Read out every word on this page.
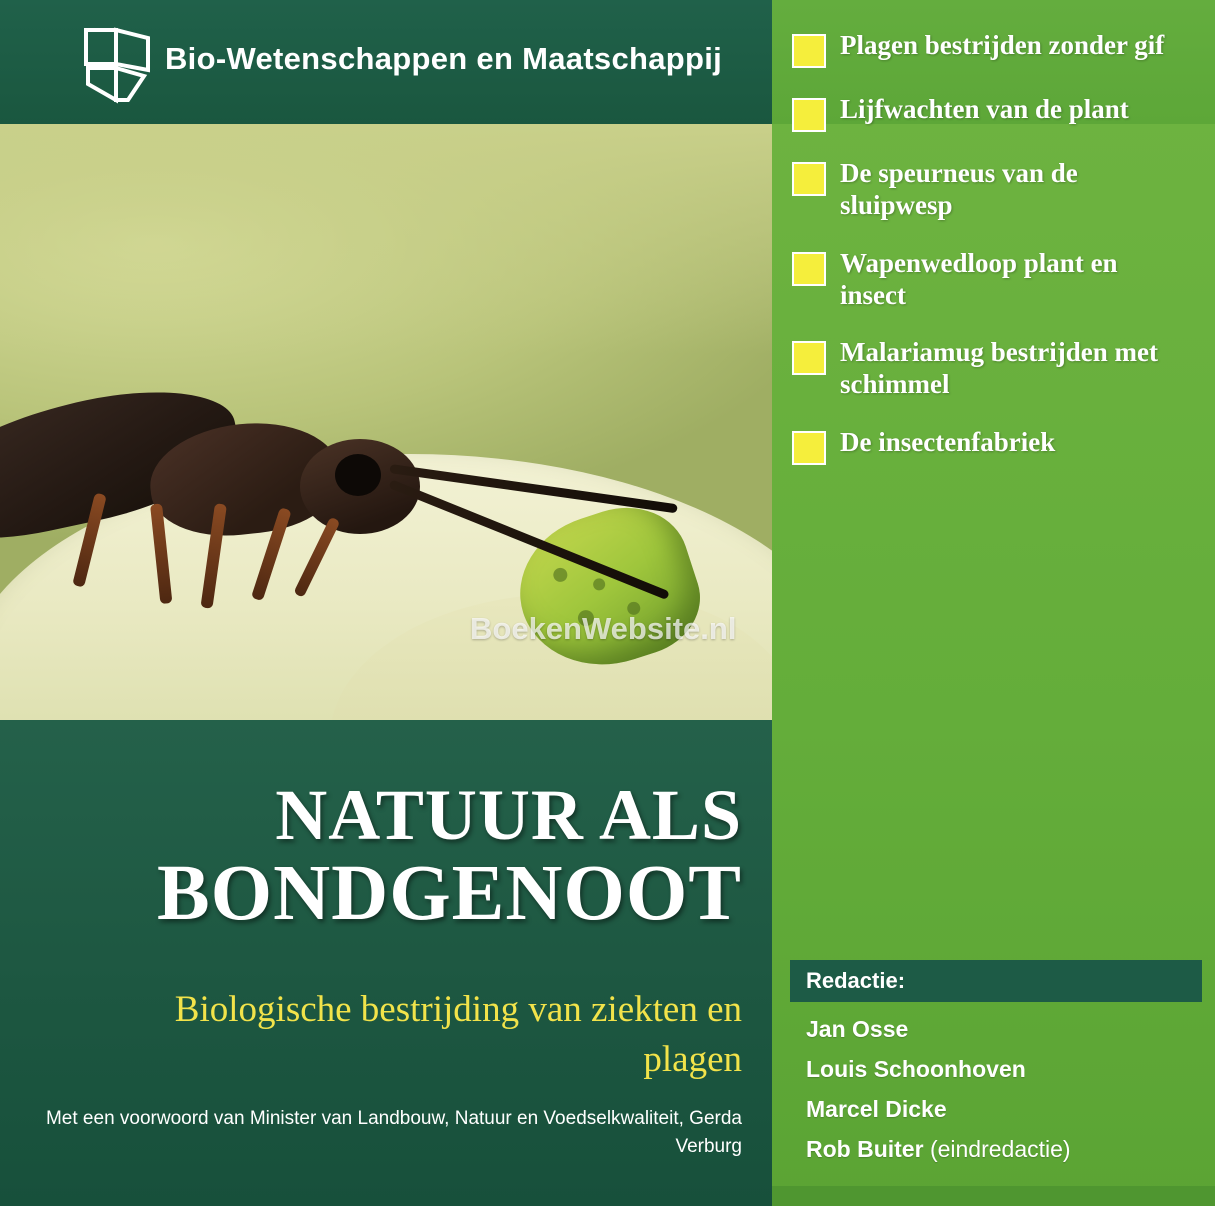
Bio-Wetenschappen en Maatschappij
BoekenWebsite.nl
NATUUR ALS
BONDGENOOT
Biologische bestrijding van ziekten en plagen
Met een voorwoord van Minister van Landbouw, Natuur en Voedselkwaliteit, Gerda Verburg
Plagen bestrijden zonder gif
Lijfwachten van de plant
De speurneus van de sluipwesp
Wapenwedloop plant en insect
Malariamug bestrijden met schimmel
De insectenfabriek
Redactie:
Jan Osse
Louis Schoonhoven
Marcel Dicke
Rob Buiter (eindredactie)
